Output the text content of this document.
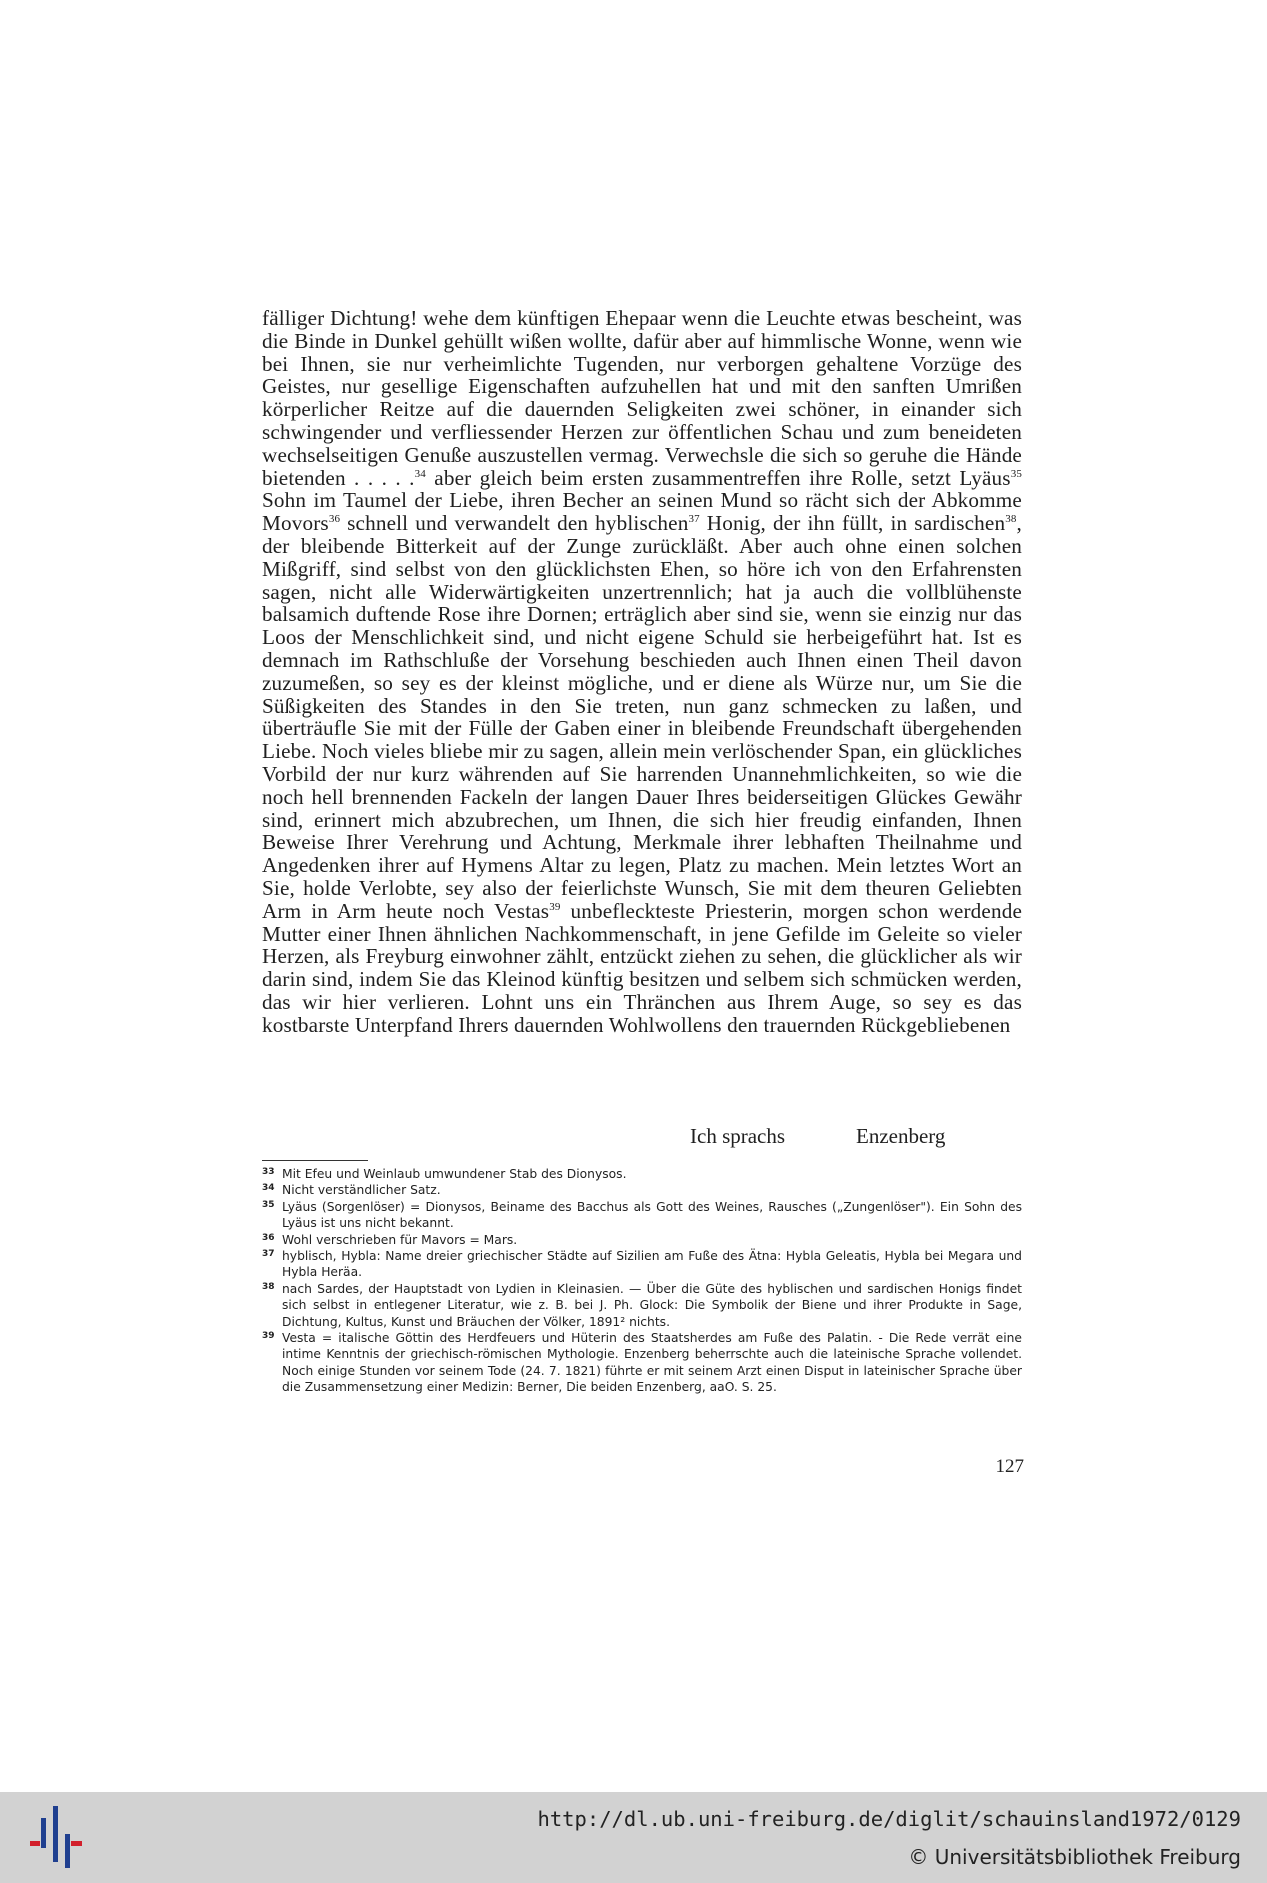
fälliger Dichtung! wehe dem künftigen Ehepaar wenn die Leuchte etwas bescheint, was die Binde in Dunkel gehüllt wißen wollte, dafür aber auf himmlische Wonne, wenn wie bei Ihnen, sie nur verheimlichte Tugenden, nur verborgen gehaltene Vorzüge des Geistes, nur gesellige Eigenschaften aufzuhellen hat und mit den sanften Umrißen körperlicher Reitze auf die dauernden Seligkeiten zwei schöner, in einander sich schwingender und verfliessender Herzen zur öffentlichen Schau und zum beneideten wechselseitigen Genuße auszustellen vermag. Verwechsle die sich so geruhe die Hände bietenden . . . . .$^{34}$ aber gleich beim ersten zusammentreffen ihre Rolle, setzt Lyäus$^{35}$ Sohn im Taumel der Liebe, ihren Becher an seinen Mund so rächt sich der Abkomme Movors$^{36}$ schnell und verwandelt den hyblischen$^{37}$ Honig, der ihn füllt, in sardischen$^{38}$, der bleibende Bitterkeit auf der Zunge zurückläßt. Aber auch ohne einen solchen Mißgriff, sind selbst von den glücklichsten Ehen, so höre ich von den Erfahrensten sagen, nicht alle Widerwärtigkeiten unzertrennlich; hat ja auch die vollblühenste balsamich duftende Rose ihre Dornen; erträglich aber sind sie, wenn sie einzig nur das Loos der Menschlichkeit sind, und nicht eigene Schuld sie herbeigeführt hat. Ist es demnach im Rathschluße der Vorsehung beschieden auch Ihnen einen Theil davon zuzumeßen, so sey es der kleinst mögliche, und er diene als Würze nur, um Sie die Süßigkeiten des Standes in den Sie treten, nun ganz schmecken zu laßen, und überträufle Sie mit der Fülle der Gaben einer in bleibende Freundschaft übergehenden Liebe. Noch vieles bliebe mir zu sagen, allein mein verlöschender Span, ein glückliches Vorbild der nur kurz währenden auf Sie harrenden Unannehmlichkeiten, so wie die noch hell brennenden Fackeln der langen Dauer Ihres beiderseitigen Glückes Gewähr sind, erinnert mich abzubrechen, um Ihnen, die sich hier freudig einfanden, Ihnen Beweise Ihrer Verehrung und Achtung, Merkmale ihrer lebhaften Theilnahme und Angedenken ihrer auf Hymens Altar zu legen, Platz zu machen. Mein letztes Wort an Sie, holde Verlobte, sey also der feierlichste Wunsch, Sie mit dem theuren Geliebten Arm in Arm heute noch Vestas$^{39}$ unbefleckteste Priesterin, morgen schon werdende Mutter einer Ihnen ähnlichen Nachkommenschaft, in jene Gefilde im Geleite so vieler Herzen, als Freyburg einwohner zählt, entzückt ziehen zu sehen, die glücklicher als wir darin sind, indem Sie das Kleinod künftig besitzen und selbem sich schmücken werden, das wir hier verlieren. Lohnt uns ein Thränchen aus Ihrem Auge, so sey es das kostbarste Unterpfand Ihrers dauernden Wohlwollens den trauernden Rückgebliebenen

Ich sprachs	Enzenberg
33 Mit Efeu und Weinlaub umwundener Stab des Dionysos.
34 Nicht verständlicher Satz.
35 Lyäus (Sorgenlöser) = Dionysos, Beiname des Bacchus als Gott des Weines, Rausches („Zungenlöser"). Ein Sohn des Lyäus ist uns nicht bekannt.
36 Wohl verschrieben für Mavors = Mars.
37 hyblisch, Hybla: Name dreier griechischer Städte auf Sizilien am Fuße des Ätna: Hybla Geleatis, Hybla bei Megara und Hybla Heräa.
38 nach Sardes, der Hauptstadt von Lydien in Kleinasien. — Über die Güte des hyblischen und sardischen Honigs findet sich selbst in entlegener Literatur, wie z. B. bei J. Ph. Glock: Die Symbolik der Biene und ihrer Produkte in Sage, Dichtung, Kultus, Kunst und Bräuchen der Völker, 1891² nichts.
39 Vesta = italische Göttin des Herdfeuers und Hüterin des Staatsherdes am Fuße des Palatin. - Die Rede verrät eine intime Kenntnis der griechisch-römischen Mythologie. Enzenberg beherrschte auch die lateinische Sprache vollendet. Noch einige Stunden vor seinem Tode (24. 7. 1821) führte er mit seinem Arzt einen Disput in lateinischer Sprache über die Zusammensetzung einer Medizin: Berner, Die beiden Enzenberg, aaO. S. 25.
127
http://dl.ub.uni-freiburg.de/diglit/schauinsland1972/0129
© Universitätsbibliothek Freiburg
